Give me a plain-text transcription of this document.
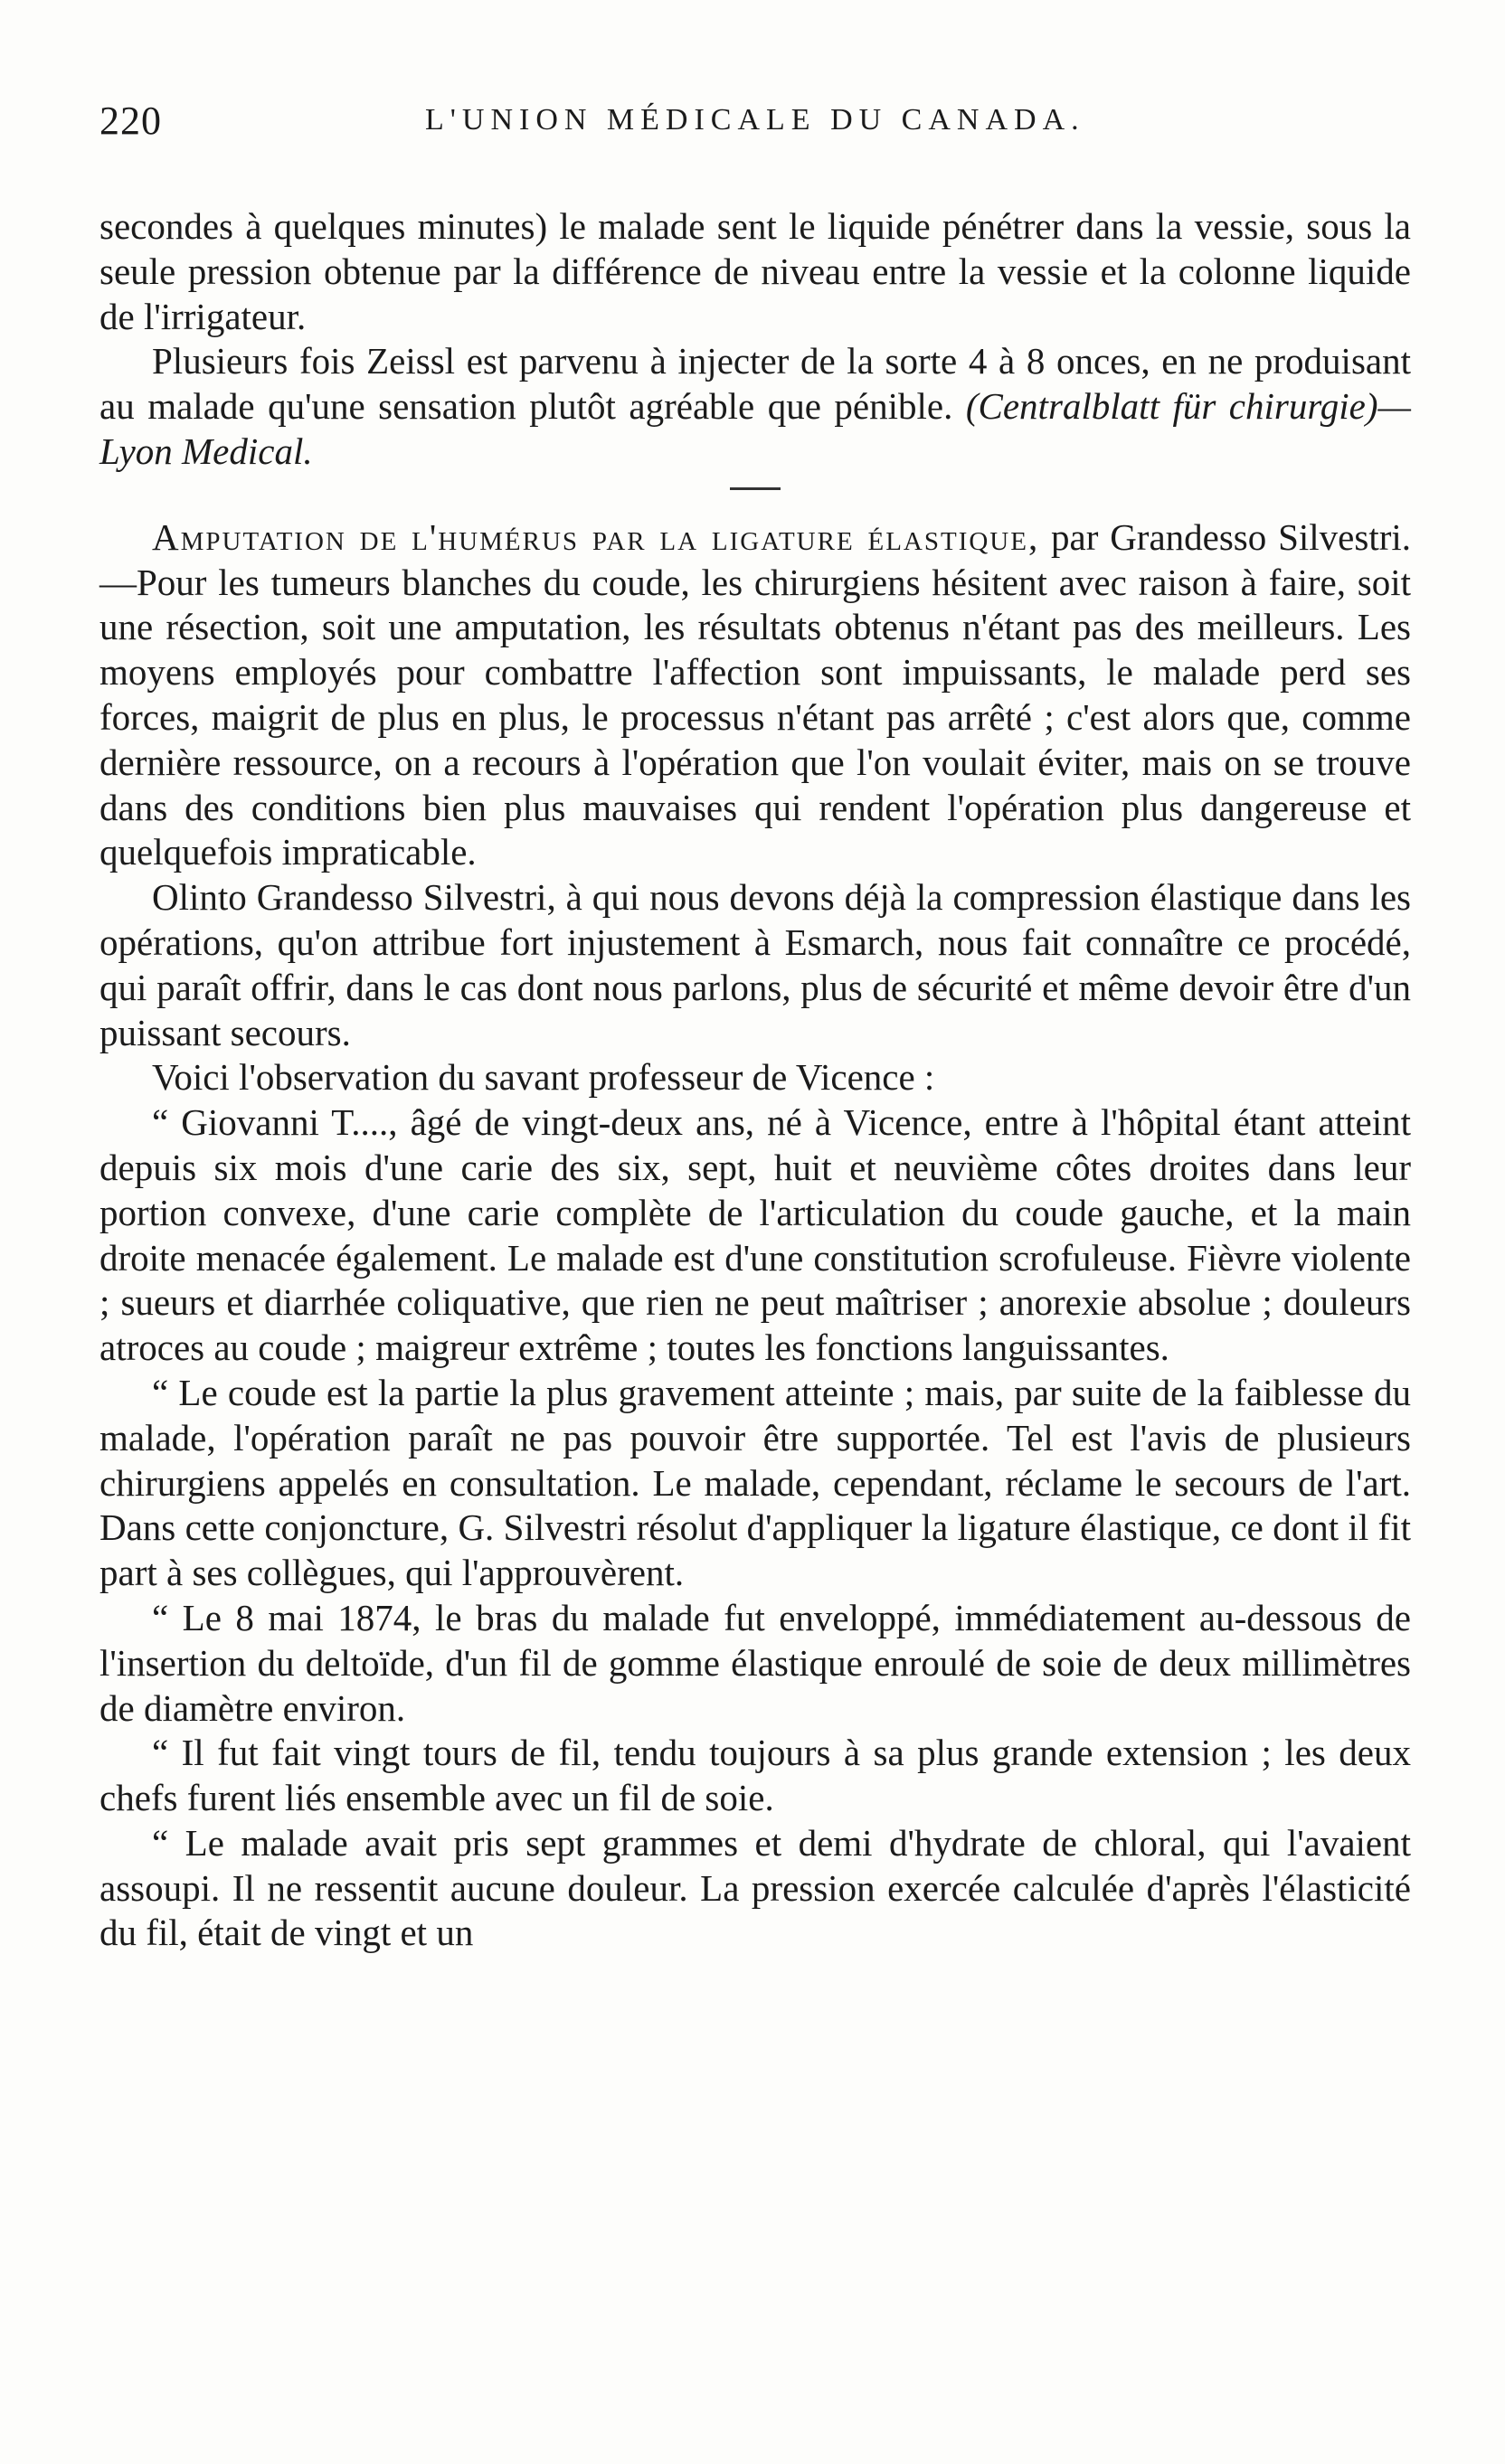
220	L'UNION MÉDICALE DU CANADA.

secondes à quelques minutes) le malade sent le liquide pénétrer dans la vessie, sous la seule pression obtenue par la différence de niveau entre la vessie et la colonne liquide de l'irrigateur.

Plusieurs fois Zeissl est parvenu à injecter de la sorte 4 à 8 onces, en ne produisant au malade qu'une sensation plutôt agréable que pénible. (Centralblatt für chirurgie)—Lyon Medical.

Amputation de l'humérus par la ligature élastique, par Grandesso Silvestri.—Pour les tumeurs blanches du coude, les chirurgiens hésitent avec raison à faire, soit une résection, soit une amputation, les résultats obtenus n'étant pas des meilleurs. Les moyens employés pour combattre l'affection sont impuissants, le malade perd ses forces, maigrit de plus en plus, le processus n'étant pas arrêté ; c'est alors que, comme dernière ressource, on a recours à l'opération que l'on voulait éviter, mais on se trouve dans des conditions bien plus mauvaises qui rendent l'opération plus dangereuse et quelquefois impraticable.

Olinto Grandesso Silvestri, à qui nous devons déjà la compression élastique dans les opérations, qu'on attribue fort injustement à Esmarch, nous fait connaître ce procédé, qui paraît offrir, dans le cas dont nous parlons, plus de sécurité et même devoir être d'un puissant secours.

Voici l'observation du savant professeur de Vicence :

“ Giovanni T...., âgé de vingt-deux ans, né à Vicence, entre à l'hôpital étant atteint depuis six mois d'une carie des six, sept, huit et neuvième côtes droites dans leur portion convexe, d'une carie complète de l'articulation du coude gauche, et la main droite menacée également. Le malade est d'une constitution scrofuleuse. Fièvre violente ; sueurs et diarrhée coliquative, que rien ne peut maîtriser ; anorexie absolue ; douleurs atroces au coude ; maigreur extrême ; toutes les fonctions languissantes.

“ Le coude est la partie la plus gravement atteinte ; mais, par suite de la faiblesse du malade, l'opération paraît ne pas pouvoir être supportée. Tel est l'avis de plusieurs chirurgiens appelés en consultation. Le malade, cependant, réclame le secours de l'art. Dans cette conjoncture, G. Silvestri résolut d'appliquer la ligature élastique, ce dont il fit part à ses collègues, qui l'approuvèrent.

“ Le 8 mai 1874, le bras du malade fut enveloppé, immédiatement au-dessous de l'insertion du deltoïde, d'un fil de gomme élastique enroulé de soie de deux millimètres de diamètre environ.

“ Il fut fait vingt tours de fil, tendu toujours à sa plus grande extension ; les deux chefs furent liés ensemble avec un fil de soie.

“ Le malade avait pris sept grammes et demi d'hydrate de chloral, qui l'avaient assoupi. Il ne ressentit aucune douleur. La pression exercée calculée d'après l'élasticité du fil, était de vingt et un
